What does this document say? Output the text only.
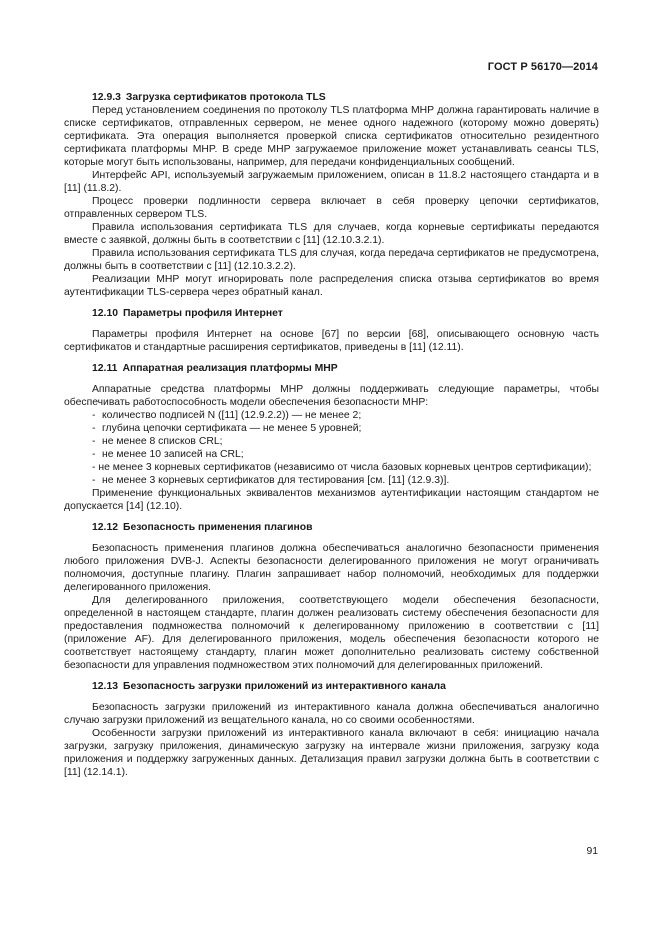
ГОСТ Р 56170—2014
12.9.3 Загрузка сертификатов протокола TLS

Перед установлением соединения по протоколу TLS платформа MHP должна гарантировать наличие в списке сертификатов, отправленных сервером, не менее одного надежного (которому можно доверять) сертификата. Эта операция выполняется проверкой списка сертификатов относительно резидентного сертификата платформы MHP. В среде MHP загружаемое приложение может устанавливать сеансы TLS, которые могут быть использованы, например, для передачи конфиденциальных сообщений.

Интерфейс API, используемый загружаемым приложением, описан в 11.8.2 настоящего стандарта и в [11] (11.8.2).

Процесс проверки подлинности сервера включает в себя проверку цепочки сертификатов, отправленных сервером TLS.

Правила использования сертификата TLS для случаев, когда корневые сертификаты передаются вместе с заявкой, должны быть в соответствии с [11] (12.10.3.2.1).

Правила использования сертификата TLS для случая, когда передача сертификатов не предусмотрена, должны быть в соответствии с [11] (12.10.3.2.2).

Реализации MHP могут игнорировать поле распределения списка отзыва сертификатов во время аутентификации TLS-сервера через обратный канал.

12.10 Параметры профиля Интернет

Параметры профиля Интернет на основе [67] по версии [68], описывающего основную часть сертификатов и стандартные расширения сертификатов, приведены в [11] (12.11).

12.11 Аппаратная реализация платформы MHP

Аппаратные средства платформы MHP должны поддерживать следующие параметры, чтобы обеспечивать работоспособность модели обеспечения безопасности MHP:

- количество подписей N ([11] (12.9.2.2)) — не менее 2;

- глубина цепочки сертификата — не менее 5 уровней;

- не менее 8 списков CRL;

- не менее 10 записей на CRL;

- не менее 3 корневых сертификатов (независимо от числа базовых корневых центров сертификации);

- не менее 3 корневых сертификатов для тестирования [см. [11] (12.9.3)].

Применение функциональных эквивалентов механизмов аутентификации настоящим стандартом не допускается [14] (12.10).

12.12 Безопасность применения плагинов

Безопасность применения плагинов должна обеспечиваться аналогично безопасности применения любого приложения DVB-J. Аспекты безопасности делегированного приложения не могут ограничивать полномочия, доступные плагину. Плагин запрашивает набор полномочий, необходимых для поддержки делегированного приложения.

Для делегированного приложения, соответствующего модели обеспечения безопасности, определенной в настоящем стандарте, плагин должен реализовать систему обеспечения безопасности для предоставления подмножества полномочий к делегированному приложению в соответствии с [11] (приложение AF). Для делегированного приложения, модель обеспечения безопасности которого не соответствует настоящему стандарту, плагин может дополнительно реализовать систему собственной безопасности для управления подмножеством этих полномочий для делегированных приложений.

12.13 Безопасность загрузки приложений из интерактивного канала

Безопасность загрузки приложений из интерактивного канала должна обеспечиваться аналогично случаю загрузки приложений из вещательного канала, но со своими особенностями.

Особенности загрузки приложений из интерактивного канала включают в себя: инициацию начала загрузки, загрузку приложения, динамическую загрузку на интервале жизни приложения, загрузку кода приложения и поддержку загруженных данных. Детализация правил загрузки должна быть в соответствии с [11] (12.14.1).

91
